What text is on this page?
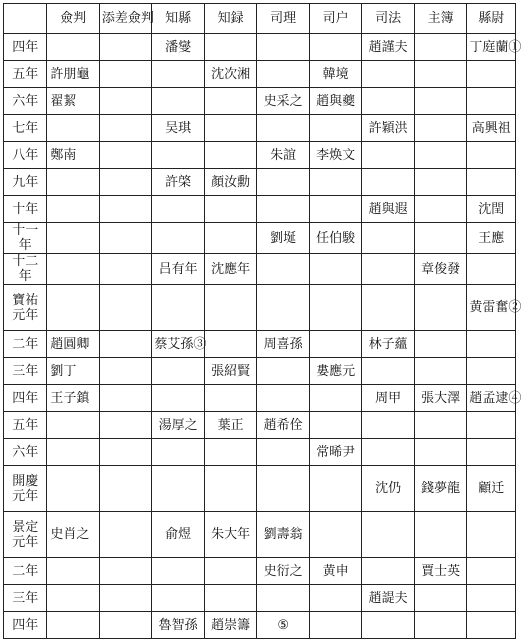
	僉判	添差僉判	知縣	知録	司理	司户	司法	主簿	縣尉
四年			潘燮				趙謹夫		丁庭蘭①
五年	許朋龜			沈次湘		韓境			
六年	翟絜				史采之	趙與夔			
七年			吴琪				許穎洪		高興祖
八年	鄭南				朱誼	李焕文			
九年			許棨	顏汝勳					
十年							趙與遐		沈閏
十一年					劉埏	任伯駿			王應
十二年			吕有年	沈應年				章俊發	

寶祐
元年									黄雷奮②
二年	趙圓卿		蔡艾孫③		周喜孫		林子蘊		
三年	劉丁			張紹賢		婁應元			
四年	王子鎮						周甲	張大澤	趙孟逮④
五年			湯厚之	葉正	趙希佺				
六年						常晞尹			

開慶
元年							沈仍	錢夢龍	顧迁

景定
元年	史肖之		俞煜	朱大年	劉壽翁				
二年					史衍之	黄申		賈士英	
三年							趙諟夫		
四年			魯智孫	趙崇籌	⑤				
